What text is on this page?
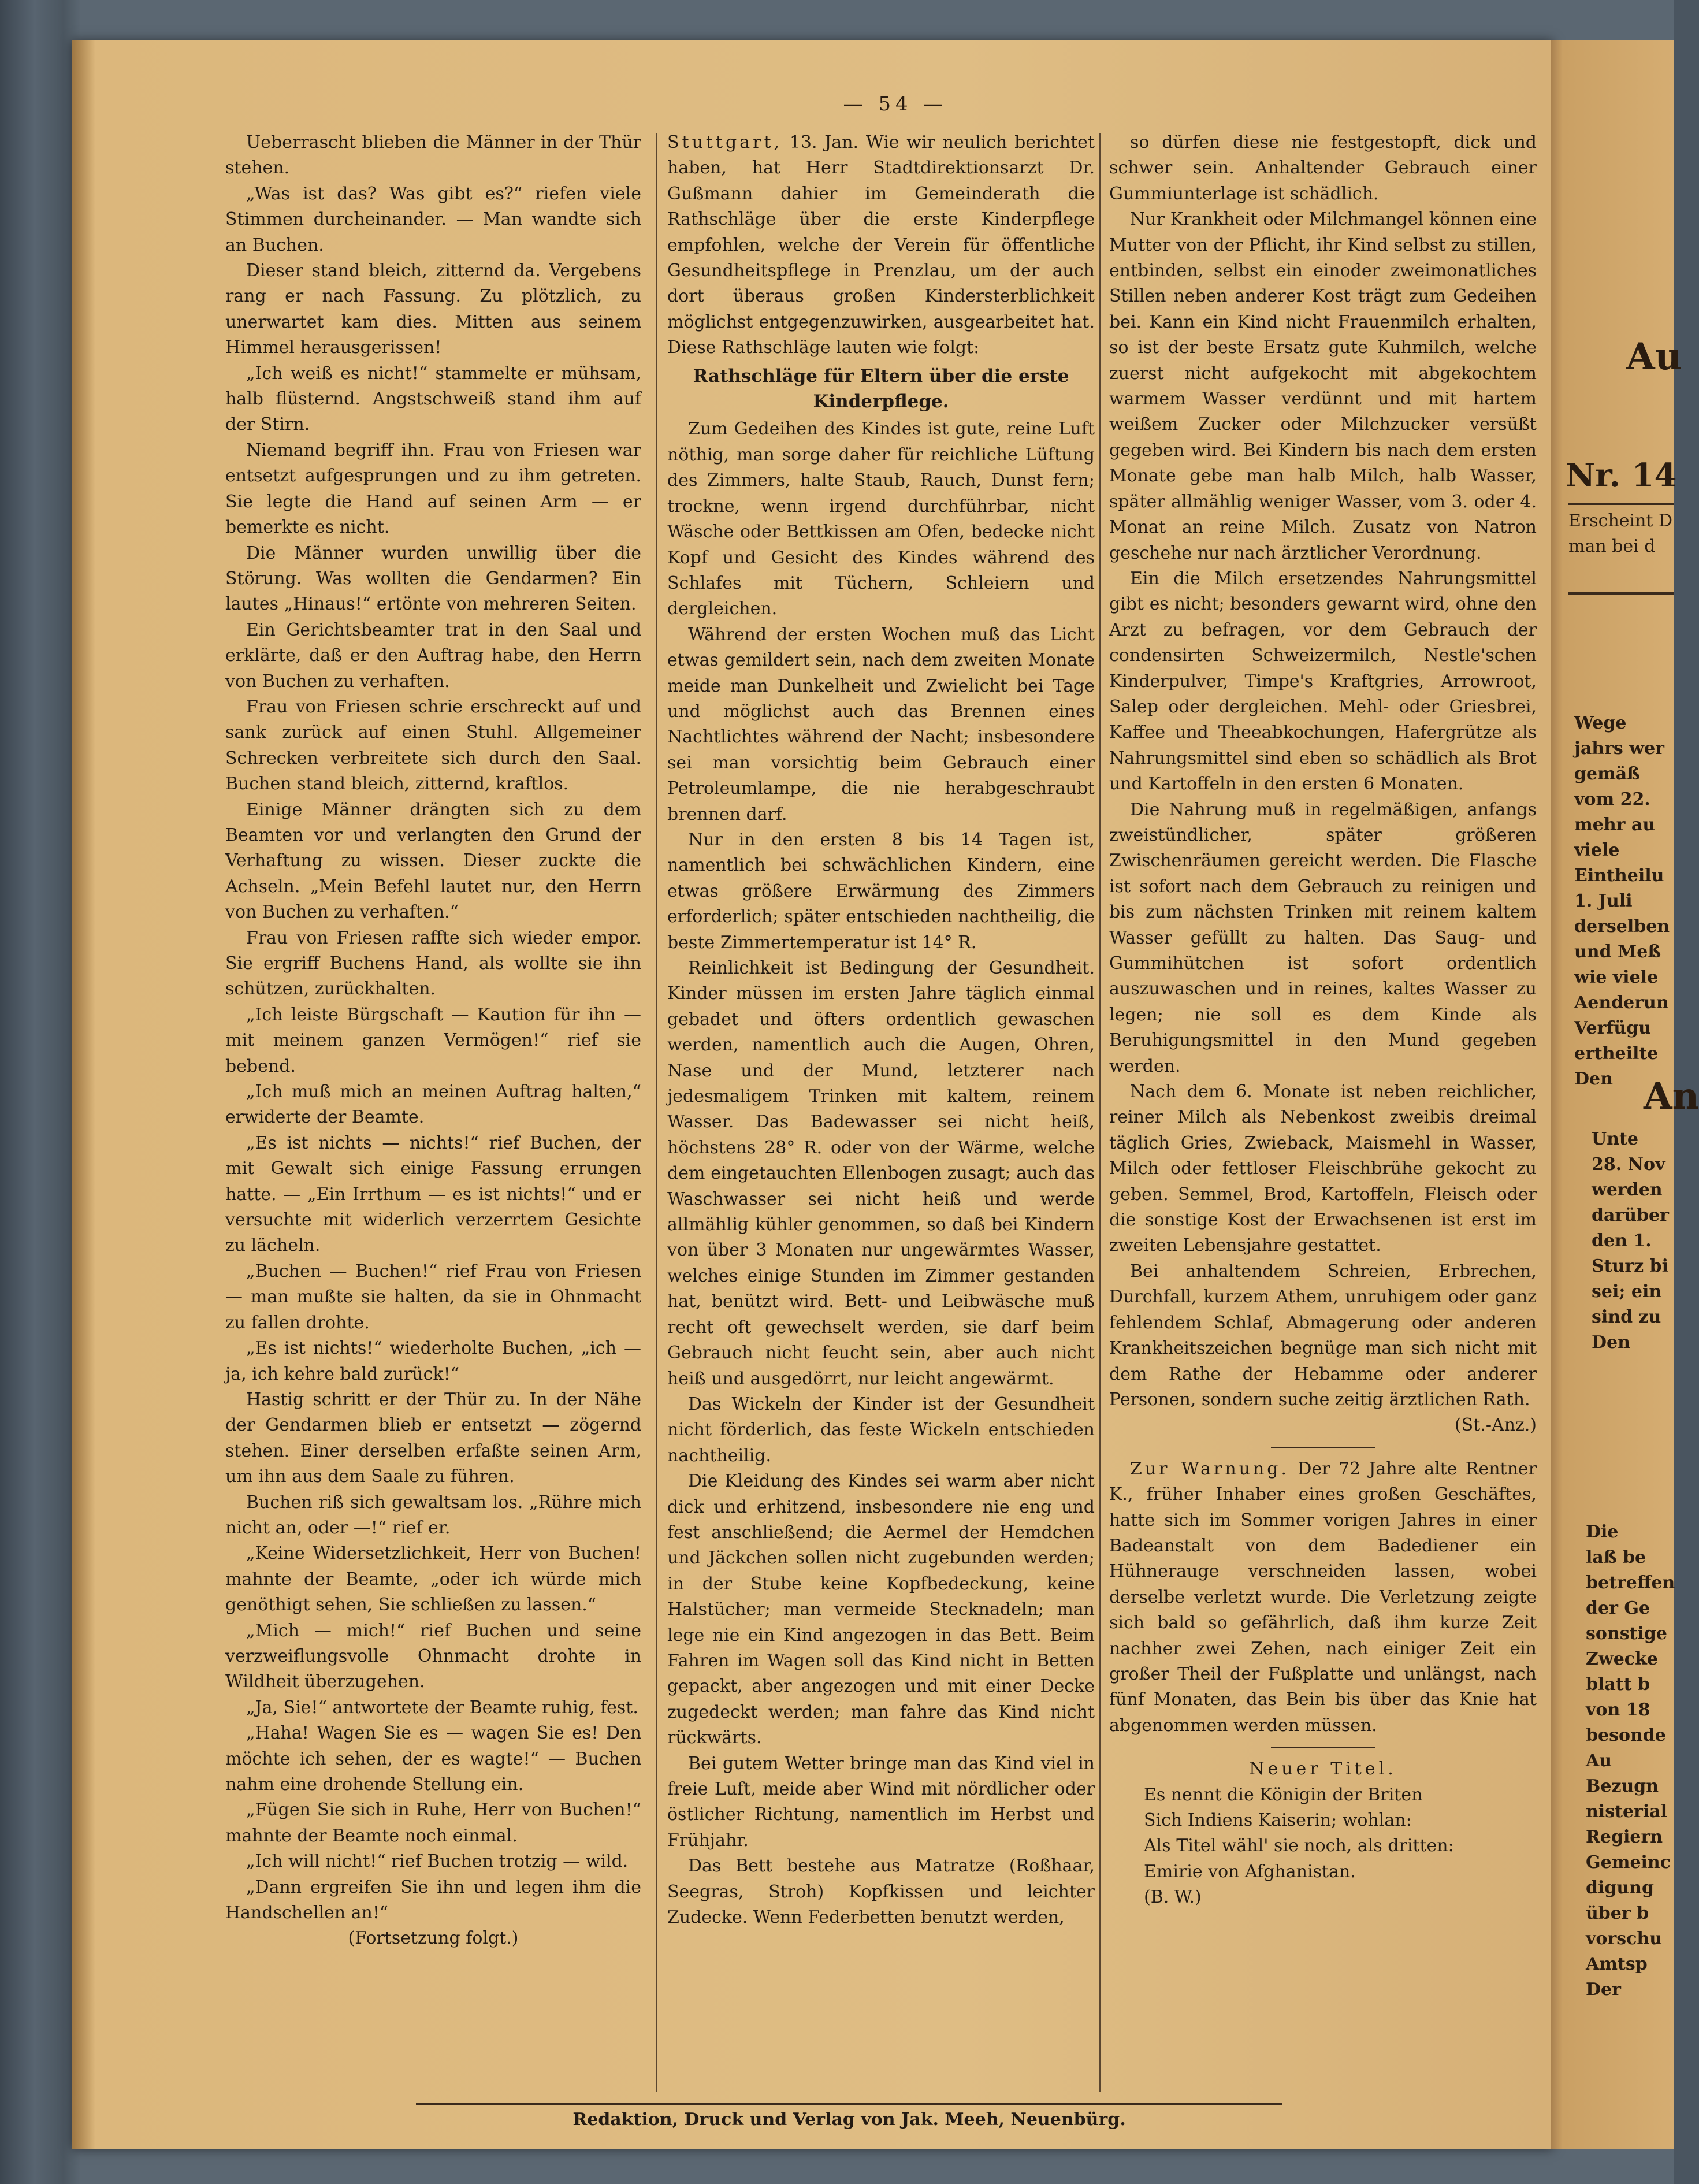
Au
Nr. 14
Erscheint D
man bei d
Wege
jahrs wer
gemäß
vom 22.
mehr au
viele
Eintheilu
1. Juli
derselben
und Meß
wie viele
Aenderun
Verfügu
ertheilte
Den An
Unte
28. Nov
werden
darüber
den 1.
Sturz bi
sei; ein
sind zu
Den
Die
laß be
betreffen
der Ge
sonstige
Zwecke
blatt b
von 18
besonde
Au
Bezugn
nisterial
Regiern
Gemeinc
digung
über b
vorschu
Amtsp
Der
— 54 —

Ueberrascht blieben die Männer in der Thür stehen.

„Was ist das? Was gibt es?“ riefen viele Stimmen durcheinander. — Man wandte sich an Buchen.

Dieser stand bleich, zitternd da. Vergebens rang er nach Fassung. Zu plötzlich, zu unerwartet kam dies. Mitten aus seinem Himmel herausgerissen!

„Ich weiß es nicht!“ stammelte er mühsam, halb flüsternd. Angstschweiß stand ihm auf der Stirn.

Niemand begriff ihn. Frau von Friesen war entsetzt aufgesprungen und zu ihm getreten. Sie legte die Hand auf seinen Arm — er bemerkte es nicht.

Die Männer wurden unwillig über die Störung. Was wollten die Gendarmen? Ein lautes „Hinaus!“ ertönte von mehreren Seiten.

Ein Gerichtsbeamter trat in den Saal und erklärte, daß er den Auftrag habe, den Herrn von Buchen zu verhaften.

Frau von Friesen schrie erschreckt auf und sank zurück auf einen Stuhl. Allgemeiner Schrecken verbreitete sich durch den Saal. Buchen stand bleich, zitternd, kraftlos.

Einige Männer drängten sich zu dem Beamten vor und verlangten den Grund der Verhaftung zu wissen. Dieser zuckte die Achseln. „Mein Befehl lautet nur, den Herrn von Buchen zu verhaften.“

Frau von Friesen raffte sich wieder empor. Sie ergriff Buchens Hand, als wollte sie ihn schützen, zurückhalten.

„Ich leiste Bürgschaft — Kaution für ihn — mit meinem ganzen Vermögen!“ rief sie bebend.

„Ich muß mich an meinen Auftrag halten,“ erwiderte der Beamte.

„Es ist nichts — nichts!“ rief Buchen, der mit Gewalt sich einige Fassung errungen hatte. — „Ein Irrthum — es ist nichts!“ und er versuchte mit widerlich verzerrtem Gesichte zu lächeln.

„Buchen — Buchen!“ rief Frau von Friesen — man mußte sie halten, da sie in Ohnmacht zu fallen drohte.

„Es ist nichts!“ wiederholte Buchen, „ich — ja, ich kehre bald zurück!“

Hastig schritt er der Thür zu. In der Nähe der Gendarmen blieb er entsetzt — zögernd stehen. Einer derselben erfaßte seinen Arm, um ihn aus dem Saale zu führen.

Buchen riß sich gewaltsam los. „Rühre mich nicht an, oder —!“ rief er.

„Keine Widersetzlichkeit, Herr von Buchen! mahnte der Beamte, „oder ich würde mich genöthigt sehen, Sie schließen zu lassen.“

„Mich — mich!“ rief Buchen und seine verzweiflungsvolle Ohnmacht drohte in Wildheit überzugehen.

„Ja, Sie!“ antwortete der Beamte ruhig, fest.

„Haha! Wagen Sie es — wagen Sie es! Den möchte ich sehen, der es wagte!“ — Buchen nahm eine drohende Stellung ein.

„Fügen Sie sich in Ruhe, Herr von Buchen!“ mahnte der Beamte noch einmal.

„Ich will nicht!“ rief Buchen trotzig — wild.

„Dann ergreifen Sie ihn und legen ihm die Handschellen an!“

(Fortsetzung folgt.)

Stuttgart, 13. Jan. Wie wir neulich berichtet haben, hat Herr Stadtdirektionsarzt Dr. Gußmann dahier im Gemeinderath die Rathschläge über die erste Kinderpflege empfohlen, welche der Verein für öffentliche Gesundheitspflege in Prenzlau, um der auch dort überaus großen Kindersterblichkeit möglichst entgegenzuwirken, ausgearbeitet hat. Diese Rathschläge lauten wie folgt:

Rathschläge für Eltern über die erste Kinderpflege.

Zum Gedeihen des Kindes ist gute, reine Luft nöthig, man sorge daher für reichliche Lüftung des Zimmers, halte Staub, Rauch, Dunst fern; trockne, wenn irgend durchführbar, nicht Wäsche oder Bettkissen am Ofen, bedecke nicht Kopf und Gesicht des Kindes während des Schlafes mit Tüchern, Schleiern und dergleichen.

Während der ersten Wochen muß das Licht etwas gemildert sein, nach dem zweiten Monate meide man Dunkelheit und Zwielicht bei Tage und möglichst auch das Brennen eines Nachtlichtes während der Nacht; insbesondere sei man vorsichtig beim Gebrauch einer Petroleumlampe, die nie herabgeschraubt brennen darf.

Nur in den ersten 8 bis 14 Tagen ist, namentlich bei schwächlichen Kindern, eine etwas größere Erwärmung des Zimmers erforderlich; später entschieden nachtheilig, die beste Zimmertemperatur ist 14° R.

Reinlichkeit ist Bedingung der Gesundheit. Kinder müssen im ersten Jahre täglich einmal gebadet und öfters ordentlich gewaschen werden, namentlich auch die Augen, Ohren, Nase und der Mund, letzterer nach jedesmaligem Trinken mit kaltem, reinem Wasser. Das Badewasser sei nicht heiß, höchstens 28° R. oder von der Wärme, welche dem eingetauchten Ellenbogen zusagt; auch das Waschwasser sei nicht heiß und werde allmählig kühler genommen, so daß bei Kindern von über 3 Monaten nur ungewärmtes Wasser, welches einige Stunden im Zimmer gestanden hat, benützt wird. Bett- und Leibwäsche muß recht oft gewechselt werden, sie darf beim Gebrauch nicht feucht sein, aber auch nicht heiß und ausgedörrt, nur leicht angewärmt.

Das Wickeln der Kinder ist der Gesundheit nicht förderlich, das feste Wickeln entschieden nachtheilig.

Die Kleidung des Kindes sei warm aber nicht dick und erhitzend, insbesondere nie eng und fest anschließend; die Aermel der Hemdchen und Jäckchen sollen nicht zugebunden werden; in der Stube keine Kopfbedeckung, keine Halstücher; man vermeide Stecknadeln; man lege nie ein Kind angezogen in das Bett. Beim Fahren im Wagen soll das Kind nicht in Betten gepackt, aber angezogen und mit einer Decke zugedeckt werden; man fahre das Kind nicht rückwärts.

Bei gutem Wetter bringe man das Kind viel in freie Luft, meide aber Wind mit nördlicher oder östlicher Richtung, namentlich im Herbst und Frühjahr.

Das Bett bestehe aus Matratze (Roßhaar, Seegras, Stroh) Kopfkissen und leichter Zudecke. Wenn Federbetten benutzt werden,

so dürfen diese nie festgestopft, dick und schwer sein. Anhaltender Gebrauch einer Gummiunterlage ist schädlich.

Nur Krankheit oder Milchmangel können eine Mutter von der Pflicht, ihr Kind selbst zu stillen, entbinden, selbst ein einoder zweimonatliches Stillen neben anderer Kost trägt zum Gedeihen bei. Kann ein Kind nicht Frauenmilch erhalten, so ist der beste Ersatz gute Kuhmilch, welche zuerst nicht aufgekocht mit abgekochtem warmem Wasser verdünnt und mit hartem weißem Zucker oder Milchzucker versüßt gegeben wird. Bei Kindern bis nach dem ersten Monate gebe man halb Milch, halb Wasser, später allmählig weniger Wasser, vom 3. oder 4. Monat an reine Milch. Zusatz von Natron geschehe nur nach ärztlicher Verordnung.

Ein die Milch ersetzendes Nahrungsmittel gibt es nicht; besonders gewarnt wird, ohne den Arzt zu befragen, vor dem Gebrauch der condensirten Schweizermilch, Nestle'schen Kinderpulver, Timpe's Kraftgries, Arrowroot, Salep oder dergleichen. Mehl- oder Griesbrei, Kaffee und Theeabkochungen, Hafergrütze als Nahrungsmittel sind eben so schädlich als Brot und Kartoffeln in den ersten 6 Monaten.

Die Nahrung muß in regelmäßigen, anfangs zweistündlicher, später größeren Zwischenräumen gereicht werden. Die Flasche ist sofort nach dem Gebrauch zu reinigen und bis zum nächsten Trinken mit reinem kaltem Wasser gefüllt zu halten. Das Saug- und Gummihütchen ist sofort ordentlich auszuwaschen und in reines, kaltes Wasser zu legen; nie soll es dem Kinde als Beruhigungsmittel in den Mund gegeben werden.

Nach dem 6. Monate ist neben reichlicher, reiner Milch als Nebenkost zweibis dreimal täglich Gries, Zwieback, Maismehl in Wasser, Milch oder fettloser Fleischbrühe gekocht zu geben. Semmel, Brod, Kartoffeln, Fleisch oder die sonstige Kost der Erwachsenen ist erst im zweiten Lebensjahre gestattet.

Bei anhaltendem Schreien, Erbrechen, Durchfall, kurzem Athem, unruhigem oder ganz fehlendem Schlaf, Abmagerung oder anderen Krankheitszeichen begnüge man sich nicht mit dem Rathe der Hebamme oder anderer Personen, sondern suche zeitig ärztlichen Rath.

(St.-Anz.)

Zur Warnung. Der 72 Jahre alte Rentner K., früher Inhaber eines großen Geschäftes, hatte sich im Sommer vorigen Jahres in einer Badeanstalt von dem Badediener ein Hühnerauge verschneiden lassen, wobei derselbe verletzt wurde. Die Verletzung zeigte sich bald so gefährlich, daß ihm kurze Zeit nachher zwei Zehen, nach einiger Zeit ein großer Theil der Fußplatte und unlängst, nach fünf Monaten, das Bein bis über das Knie hat abgenommen werden müssen.

Neuer Titel.

Es nennt die Königin der Briten

Sich Indiens Kaiserin; wohlan:

Als Titel wähl' sie noch, als dritten:

Emirie von Afghanistan.

(B. W.)

Redaktion, Druck und Verlag von Jak. Meeh, Neuenbürg.
